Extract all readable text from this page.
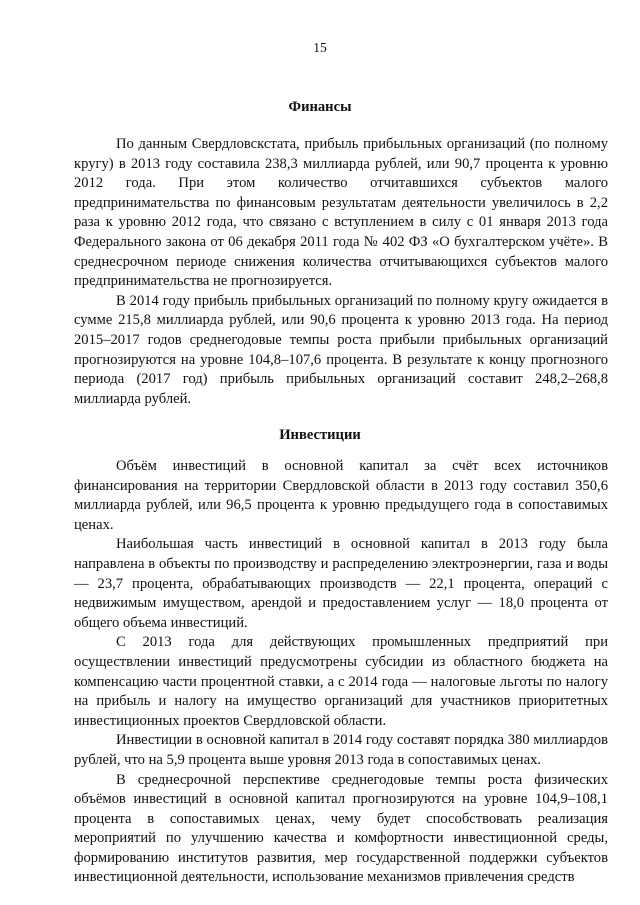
15
Финансы

По данным Свердловскстата, прибыль прибыльных организаций (по полному кругу) в 2013 году составила 238,3 миллиарда рублей, или 90,7 процента к уровню 2012 года. При этом количество отчитавшихся субъектов малого предпринимательства по финансовым результатам деятельности увеличилось в 2,2 раза к уровню 2012 года, что связано с вступлением в силу с 01 января 2013 года Федерального закона от 06 декабря 2011 года № 402 ФЗ «О бухгалтерском учёте». В среднесрочном периоде снижения количества отчитывающихся субъектов малого предпринимательства не прогнозируется.

В 2014 году прибыль прибыльных организаций по полному кругу ожидается в сумме 215,8 миллиарда рублей, или 90,6 процента к уровню 2013 года. На период 2015–2017 годов среднегодовые темпы роста прибыли прибыльных организаций прогнозируются на уровне 104,8–107,6 процента. В результате к концу прогнозного периода (2017 год) прибыль прибыльных организаций составит 248,2–268,8 миллиарда рублей.

Инвестиции

Объём инвестиций в основной капитал за счёт всех источников финансирования на территории Свердловской области в 2013 году составил 350,6 миллиарда рублей, или 96,5 процента к уровню предыдущего года в сопоставимых ценах.

Наибольшая часть инвестиций в основной капитал в 2013 году была направлена в объекты по производству и распределению электроэнергии, газа и воды — 23,7 процента, обрабатывающих производств — 22,1 процента, операций с недвижимым имуществом, арендой и предоставлением услуг — 18,0 процента от общего объема инвестиций.

С 2013 года для действующих промышленных предприятий при осуществлении инвестиций предусмотрены субсидии из областного бюджета на компенсацию части процентной ставки, а с 2014 года — налоговые льготы по налогу на прибыль и налогу на имущество организаций для участников приоритетных инвестиционных проектов Свердловской области.

Инвестиции в основной капитал в 2014 году составят порядка 380 миллиардов рублей, что на 5,9 процента выше уровня 2013 года в сопоставимых ценах.

В среднесрочной перспективе среднегодовые темпы роста физических объёмов инвестиций в основной капитал прогнозируются на уровне 104,9–108,1 процента в сопоставимых ценах, чему будет способствовать реализация мероприятий по улучшению качества и комфортности инвестиционной среды, формированию институтов развития, мер государственной поддержки субъектов инвестиционной деятельности, использование механизмов привлечения средств
